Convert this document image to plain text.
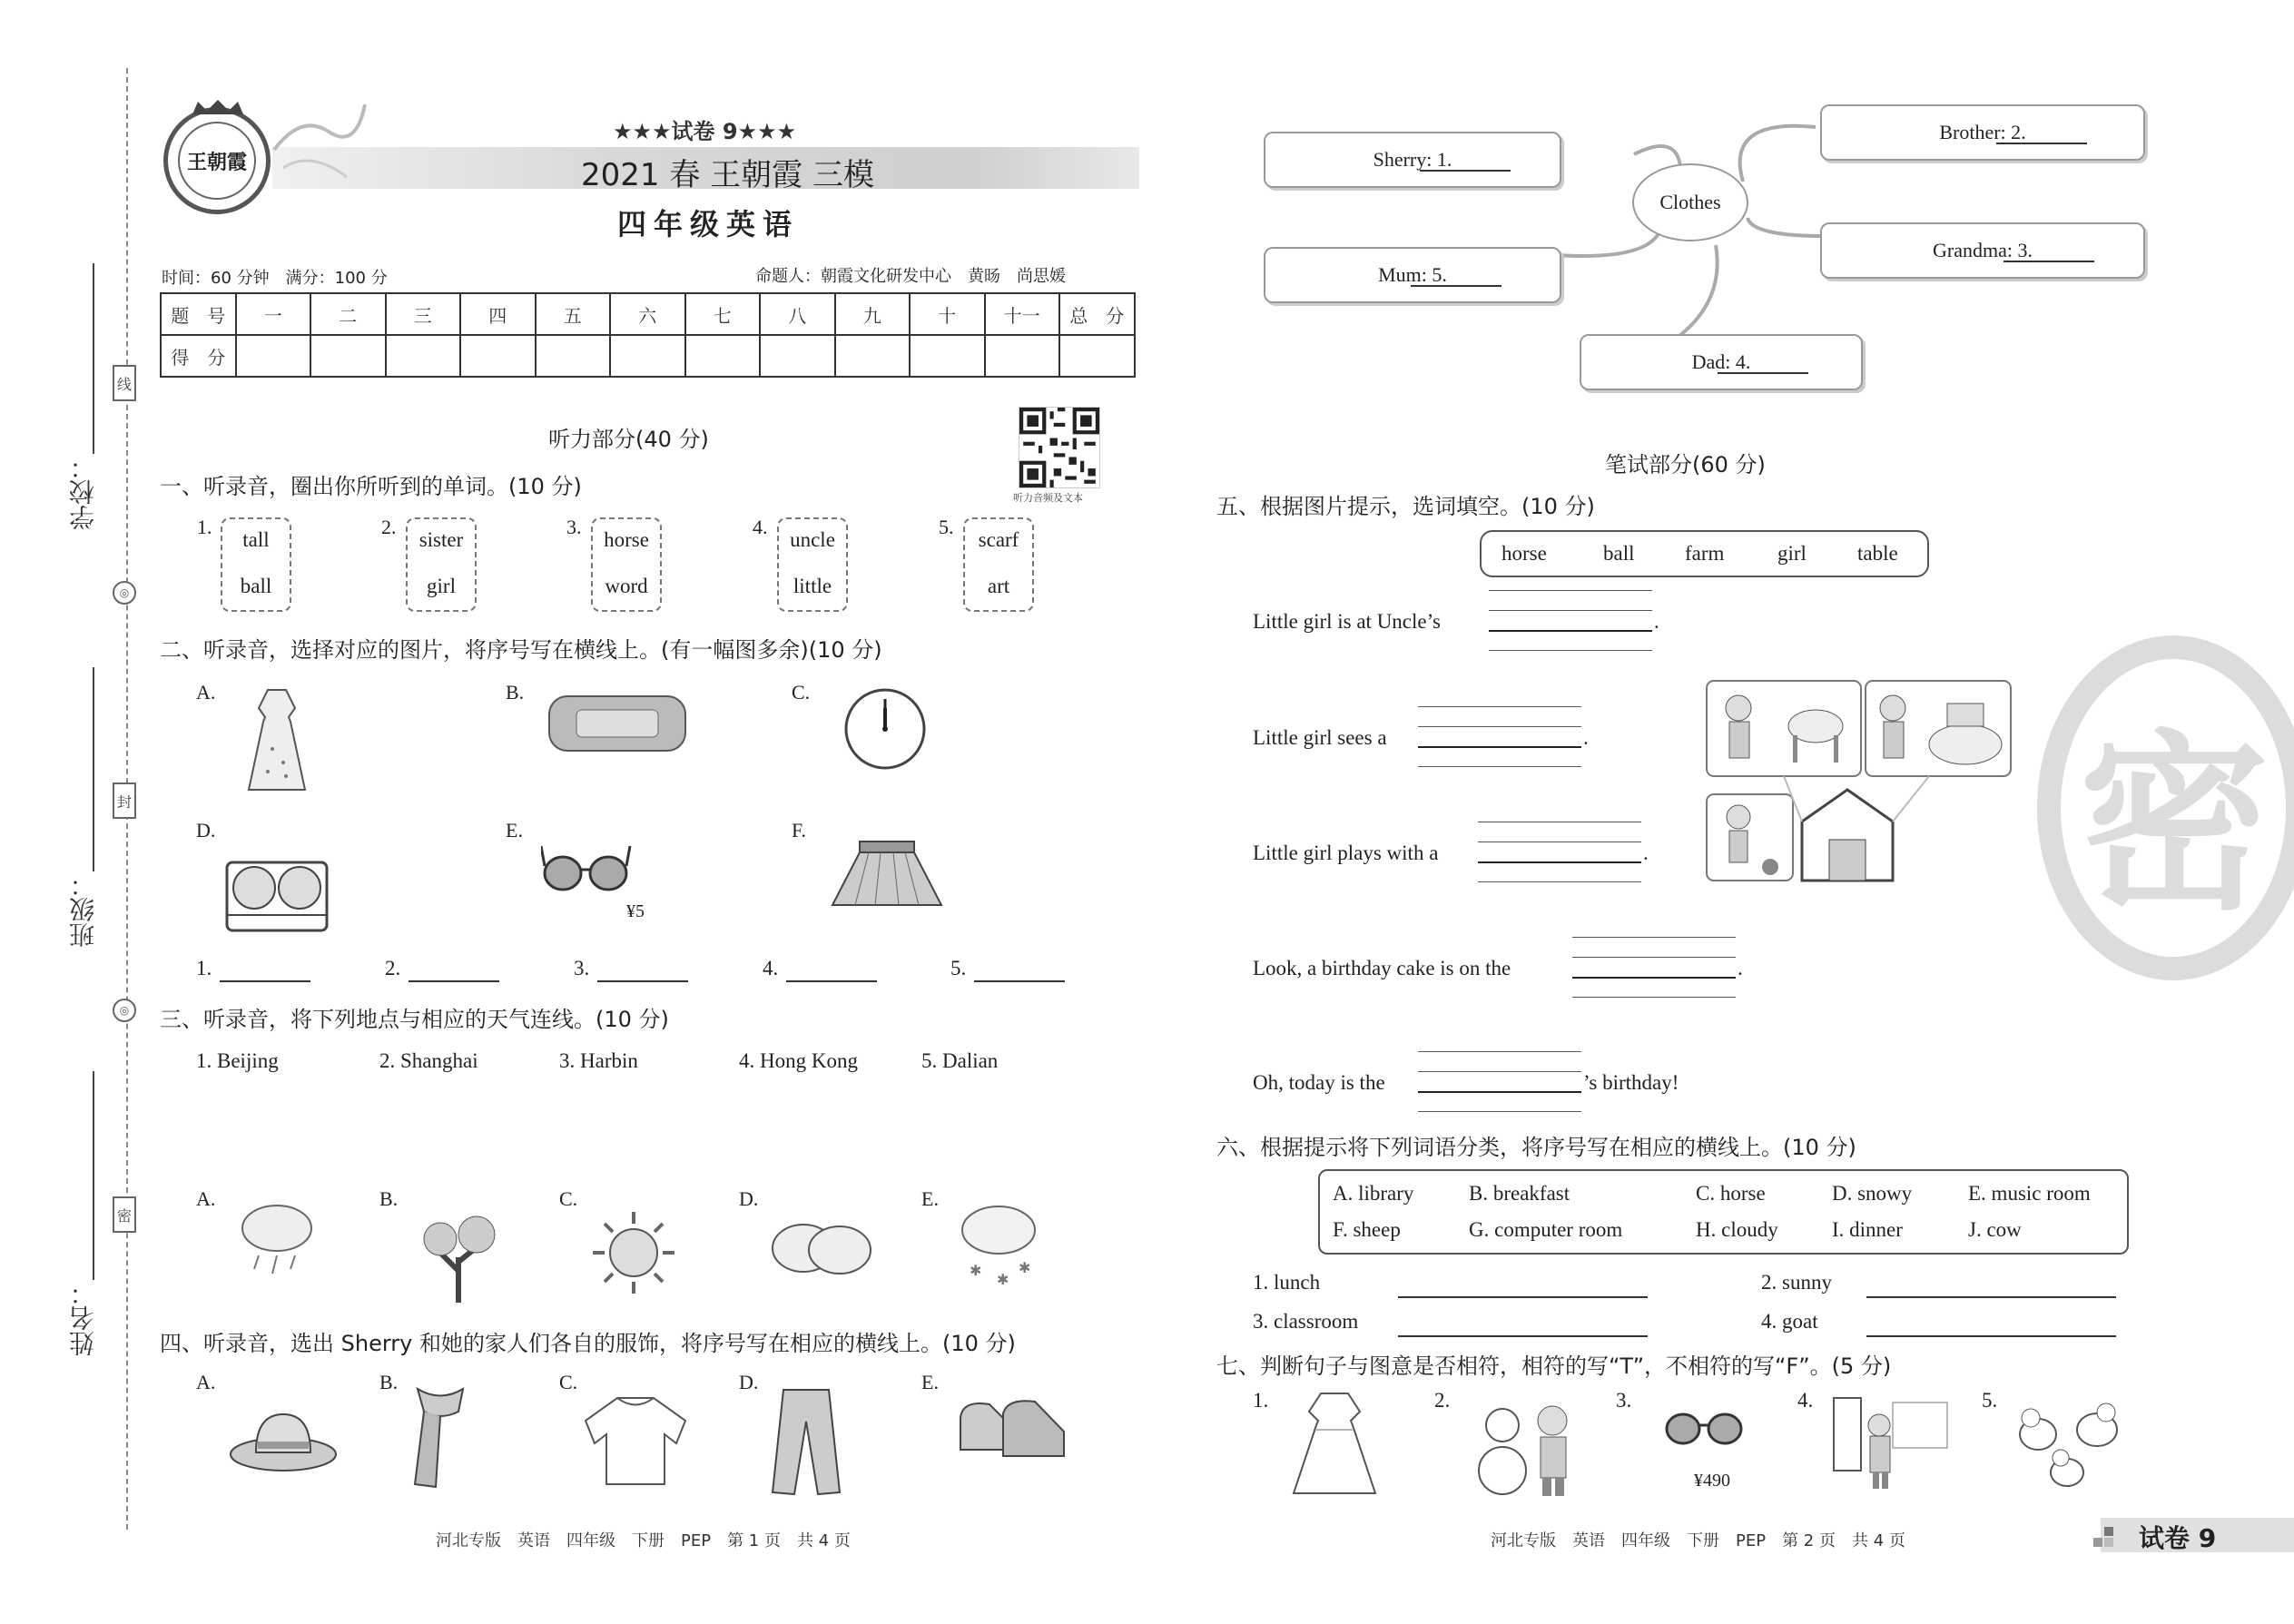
学校：
班级：
姓名：
线
◎
封
◎
密
王朝霞
★★★试卷 9★★★
2021 春 王朝霞 三模
四年级英语
时间：60 分钟　满分：100 分	命题人：朝霞文化研发中心　黄旸　尚思媛
题　号	一	二	三	四	五	六	七	八	九	十	十一	总　分
得　分												
听力部分(40 分)
听力音频及文本
一、听录音，圈出你所听到的单词。(10 分)
1.
tall
ball
2.
sister
girl
3.
horse
word
4.
uncle
little
5.
scarf
art
二、听录音，选择对应的图片，将序号写在横线上。(有一幅图多余)(10 分)
A.	B.	C.
D.	E.
¥5
F.
1.	2.	3.	4.	5.
三、听录音，将下列地点与相应的天气连线。(10 分)
1. Beijing	2. Shanghai	3. Harbin	4. Hong Kong	5. Dalian
A.	B.	C.	D.	E.
✱
✱
✱
四、听录音，选出 Sherry 和她的家人们各自的服饰，将序号写在相应的横线上。(10 分)
A.	B.	C.	D.	E.
河北专版　英语　四年级　下册　PEP　第 1 页　共 4 页
Clothes
Sherry: 1.
Mum: 5.
Dad: 4.
Brother: 2.
Grandma: 3.
笔试部分(60 分)
五、根据图片提示，选词填空。(10 分)
horse	ball farm	girl table
Little girl is at Uncle’s	.
Little girl sees a	.
Little girl plays with a	.
Look, a birthday cake is on the	.
Oh, today is the	’s birthday!
密
六、根据提示将下列词语分类，将序号写在相应的横线上。(10 分)
A. library	B. breakfast	C. horse	D. snowy	E. music room
F. sheep	G. computer room	H. cloudy	I. dinner	J. cow
1. lunch	2. sunny
3. classroom	4. goat
七、判断句子与图意是否相符，相符的写“T”，不相符的写“F”。(5 分)
1.	2.	3.
¥490
4.	5.
河北专版　英语　四年级　下册　PEP　第 2 页　共 4 页	试卷 9
